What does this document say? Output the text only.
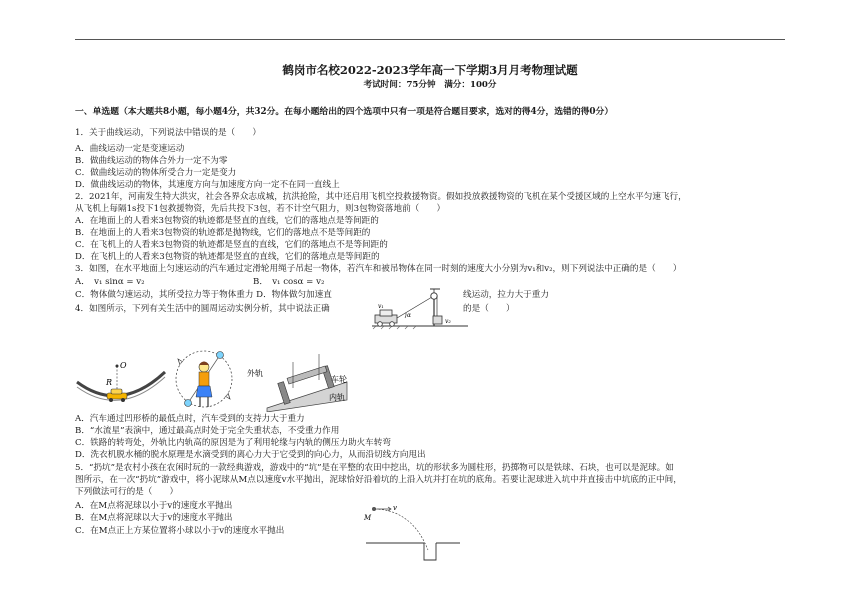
鹤岗市名校2022-2023学年高一下学期3月月考物理试题
考试时间：75分钟　满分：100分
一、单选题（本大题共8小题，每小题4分，共32分。在每小题给出的四个选项中只有一项是符合题目要求，选对的得4分，选错的得0分）
1．关于曲线运动，下列说法中错误的是（　　）
A．曲线运动一定是变速运动
B．做曲线运动的物体合外力一定不为零
C．做曲线运动的物体所受合力一定是变力
D．做曲线运动的物体，其速度方向与加速度方向一定不在同一直线上
2．2021年，河南发生特大洪灾，社会各界众志成城，抗洪抢险，其中还启用飞机空投救援物资。假如投放救援物资的飞机在某个受援区域的上空水平匀速飞行，
从飞机上每隔1s投下1包救援物资，先后共投下3包，若不计空气阻力，则3包物资落地前（　　）
A．在地面上的人看来3包物资的轨迹都是竖直的直线，它们的落地点是等间距的
B．在地面上的人看来3包物资的轨迹都是抛物线，它们的落地点不是等间距的
C．在飞机上的人看来3包物资的轨迹都是竖直的直线，它们的落地点不是等间距的
D．在飞机上的人看来3包物资的轨迹都是竖直的直线，它们的落地点是等间距的
3．如图，在水平地面上匀速运动的汽车通过定滑轮用绳子吊起一物体，若汽车和被吊物体在同一时刻的速度大小分别为v₁和v₂，则下列说法中正确的是（　　）
A．　v₁ sinα = v₂	B．　v₁ cosα = v₂
C．物体做匀速运动，其所受拉力等于物体重力 D．物体做匀加速直	线运动，拉力大于重力
α
v₁
v₂
4．如图所示，下列有关生活中的圆周运动实例分析，其中说法正确	的是（　　）
O
R
外轨
车轮
内轨
A．汽车通过凹形桥的最低点时，汽车受到的支持力大于重力
B．“水流星”表演中，通过最高点时处于完全失重状态，不受重力作用
C．铁路的转弯处，外轨比内轨高的原因是为了利用轮缘与内轨的侧压力助火车转弯
D．洗衣机脱水桶的脱水原理是水滴受到的离心力大于它受到的向心力，从而沿切线方向甩出
5．“扔坑”是农村小孩在农闲时玩的一款经典游戏，游戏中的“坑”是在平整的农田中挖出，坑的形状多为圆柱形，扔掷物可以是铁球、石块，也可以是泥球。如
图所示，在一次“扔坑”游戏中，将小泥球从M点以速度v水平抛出，泥球恰好沿着坑的上沿入坑并打在坑的底角。若要让泥球进入坑中并直接击中坑底的正中间，
下列做法可行的是（　　）
A．在M点将泥球以小于v的速度水平抛出
B．在M点将泥球以大于v的速度水平抛出
C．在M点正上方某位置将小球以小于v的速度水平抛出
M
v
